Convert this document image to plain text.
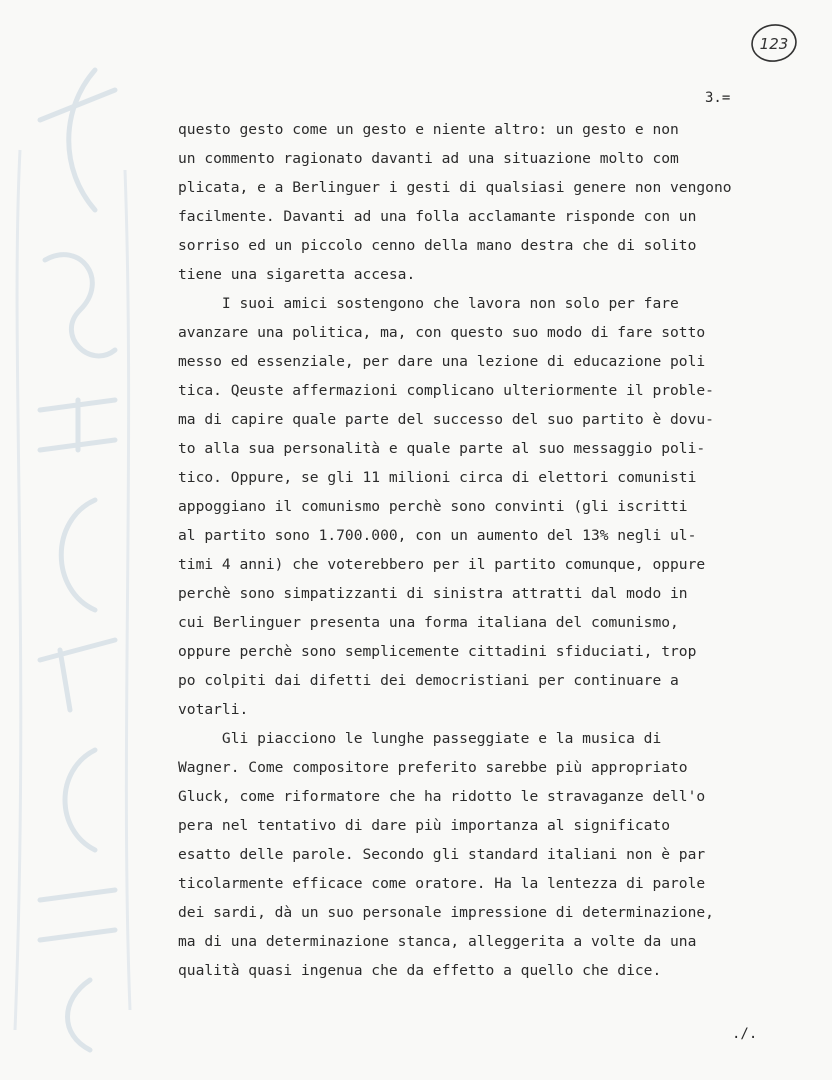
123
3.=
questo gesto come un gesto e niente altro: un gesto e non
un commento ragionato davanti ad una situazione molto com
plicata, e a Berlinguer i gesti di qualsiasi genere non vengono
facilmente. Davanti ad una folla acclamante risponde con un
sorriso ed un piccolo cenno della mano destra che di solito
tiene una sigaretta accesa.
I suoi amici sostengono che lavora non solo per fare
avanzare una politica, ma, con questo suo modo di fare sotto
messo ed essenziale, per dare una lezione di educazione poli
tica. Qeuste affermazioni complicano ulteriormente il proble-
ma di capire quale parte del successo del suo partito è dovu-
to alla sua personalità e quale parte al suo messaggio poli-
tico. Oppure, se gli 11 milioni circa di elettori comunisti
appoggiano il comunismo perchè sono convinti (gli iscritti
al partito sono 1.700.000, con un aumento del 13% negli ul-
timi 4 anni) che voterebbero per il partito comunque, oppure
perchè sono simpatizzanti di sinistra attratti dal modo in
cui Berlinguer presenta una forma italiana del comunismo,
oppure perchè sono semplicemente cittadini sfiduciati, trop
po colpiti dai difetti dei democristiani per continuare a
votarli.
Gli piacciono le lunghe passeggiate e la musica di
Wagner. Come compositore preferito sarebbe più appropriato
Gluck, come riformatore che ha ridotto le stravaganze dell'o
pera nel tentativo di dare più importanza al significato
esatto delle parole. Secondo gli standard italiani non è par
ticolarmente efficace come oratore. Ha la lentezza di parole
dei sardi, dà un suo personale impressione di determinazione,
ma di una determinazione stanca, alleggerita a volte da una
qualità quasi ingenua che da effetto a quello che dice.
./.
